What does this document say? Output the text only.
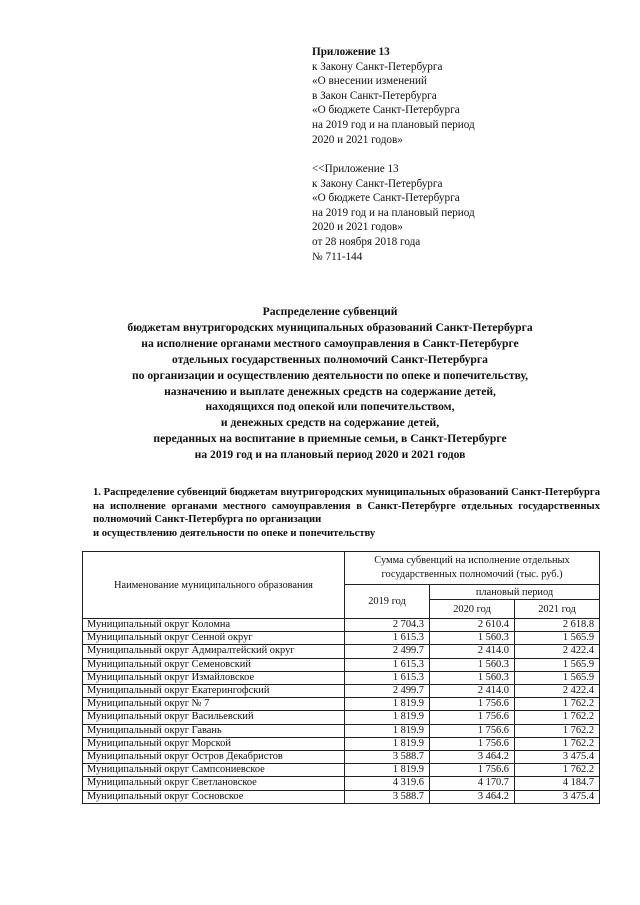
Приложение 13
к Закону Санкт-Петербурга
«О внесении изменений
в Закон Санкт-Петербурга
«О бюджете Санкт-Петербурга
на 2019 год и на плановый период
2020 и 2021 годов»
<<Приложение 13
к Закону Санкт-Петербурга
«О бюджете Санкт-Петербурга
на 2019 год и на плановый период
2020 и 2021 годов»
от 28 ноября 2018 года
№ 711-144
Распределение субвенций
бюджетам внутригородских муниципальных образований Санкт-Петербурга
на исполнение органами местного самоуправления в Санкт-Петербурге
отдельных государственных полномочий Санкт-Петербурга
по организации и осуществлению деятельности по опеке и попечительству,
назначению и выплате денежных средств на содержание детей,
находящихся под опекой или попечительством,
и денежных средств на содержание детей,
переданных на воспитание в приемные семьи, в Санкт-Петербурге
на 2019 год и на плановый период 2020 и 2021 годов
1. Распределение субвенций бюджетам внутригородских муниципальных образований Санкт-Петербурга на исполнение органами местного самоуправления в Санкт-Петербурге отдельных государственных полномочий Санкт-Петербурга по организации
и осуществлению деятельности по опеке и попечительству
Наименование муниципального образования	Сумма субвенций на исполнение отдельных государственных полномочий (тыс. руб.)		
	2019 год	плановый период	
		2020 год	2021 год
Муниципальный округ Коломна	2 704.3	2 610.4	2 618.8
Муниципальный округ Сенной округ	1 615.3	1 560.3	1 565.9
Муниципальный округ Адмиралтейский округ	2 499.7	2 414.0	2 422.4
Муниципальный округ Семеновский	1 615.3	1 560.3	1 565.9
Муниципальный округ Измайловское	1 615.3	1 560.3	1 565.9
Муниципальный округ Екатерингофский	2 499.7	2 414.0	2 422.4
Муниципальный округ № 7	1 819.9	1 756.6	1 762.2
Муниципальный округ Васильевский	1 819.9	1 756.6	1 762.2
Муниципальный округ Гавань	1 819.9	1 756.6	1 762.2
Муниципальный округ Морской	1 819.9	1 756.6	1 762.2
Муниципальный округ Остров Декабристов	3 588.7	3 464.2	3 475.4
Муниципальный округ Сампсониевское	1 819.9	1 756.6	1 762.2
Муниципальный округ Светлановское	4 319.6	4 170.7	4 184.7
Муниципальный округ Сосновское	3 588.7	3 464.2	3 475.4
